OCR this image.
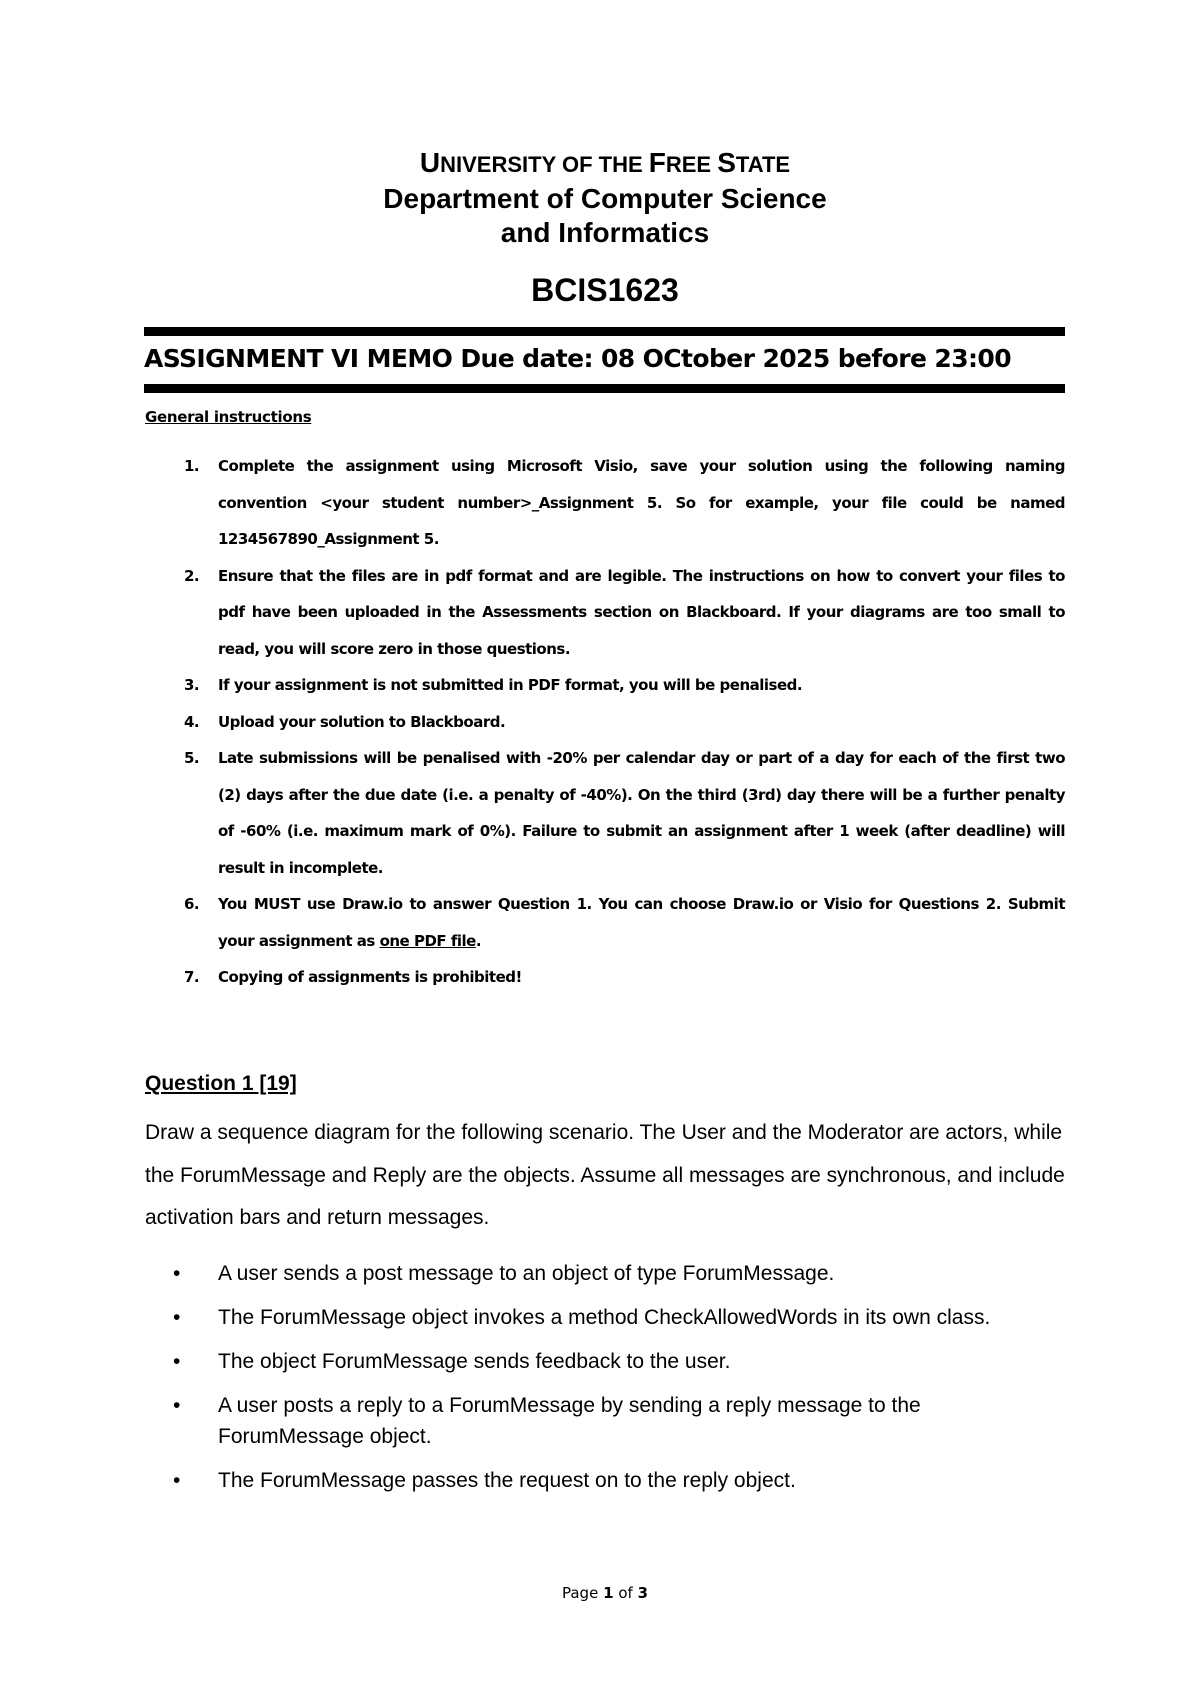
UNIVERSITY OF THE FREE STATE
Department of Computer Science
and Informatics
BCIS1623
ASSIGNMENT VI MEMO Due date: 08 OCtober 2025 before 23:00
General instructions
1. Complete the assignment using Microsoft Visio, save your solution using the following naming convention <your student number>_Assignment 5. So for example, your file could be named 1234567890_Assignment 5.
2. Ensure that the files are in pdf format and are legible. The instructions on how to convert your files to pdf have been uploaded in the Assessments section on Blackboard. If your diagrams are too small to read, you will score zero in those questions.
3. If your assignment is not submitted in PDF format, you will be penalised.
4. Upload your solution to Blackboard.
5. Late submissions will be penalised with -20% per calendar day or part of a day for each of the first two (2) days after the due date (i.e. a penalty of -40%). On the third (3rd) day there will be a further penalty of -60% (i.e. maximum mark of 0%). Failure to submit an assignment after 1 week (after deadline) will result in incomplete.
6. You MUST use Draw.io to answer Question 1. You can choose Draw.io or Visio for Questions 2. Submit your assignment as one PDF file.
7. Copying of assignments is prohibited!
Question 1 [19]

Draw a sequence diagram for the following scenario. The User and the Moderator are actors, while the ForumMessage and Reply are the objects. Assume all messages are synchronous, and include activation bars and return messages.

• A user sends a post message to an object of type ForumMessage.
• The ForumMessage object invokes a method CheckAllowedWords in its own class.
• The object ForumMessage sends feedback to the user.
• A user posts a reply to a ForumMessage by sending a reply message to the ForumMessage object.
• The ForumMessage passes the request on to the reply object.
Page 1 of 3
